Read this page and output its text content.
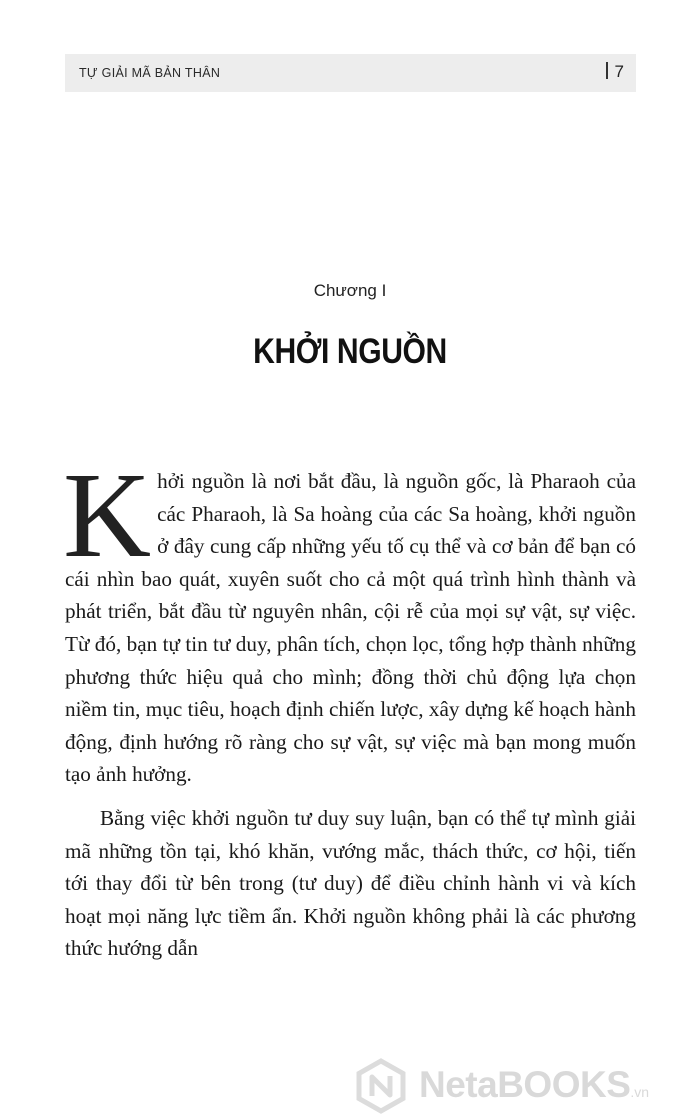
TỰ GIẢI MÃ BẢN THÂN	7
Chương I
KHỞI NGUỒN

Khởi nguồn là nơi bắt đầu, là nguồn gốc, là Pharaoh của các Pharaoh, là Sa hoàng của các Sa hoàng, khởi nguồn ở đây cung cấp những yếu tố cụ thể và cơ bản để bạn có cái nhìn bao quát, xuyên suốt cho cả một quá trình hình thành và phát triển, bắt đầu từ nguyên nhân, cội rễ của mọi sự vật, sự việc. Từ đó, bạn tự tin tư duy, phân tích, chọn lọc, tổng hợp thành những phương thức hiệu quả cho mình; đồng thời chủ động lựa chọn niềm tin, mục tiêu, hoạch định chiến lược, xây dựng kế hoạch hành động, định hướng rõ ràng cho sự vật, sự việc mà bạn mong muốn tạo ảnh hưởng.

Bằng việc khởi nguồn tư duy suy luận, bạn có thể tự mình giải mã những tồn tại, khó khăn, vướng mắc, thách thức, cơ hội, tiến tới thay đổi từ bên trong (tư duy) để điều chỉnh hành vi và kích hoạt mọi năng lực tiềm ẩn. Khởi nguồn không phải là các phương thức hướng dẫn

NetaBOOKS.vn
